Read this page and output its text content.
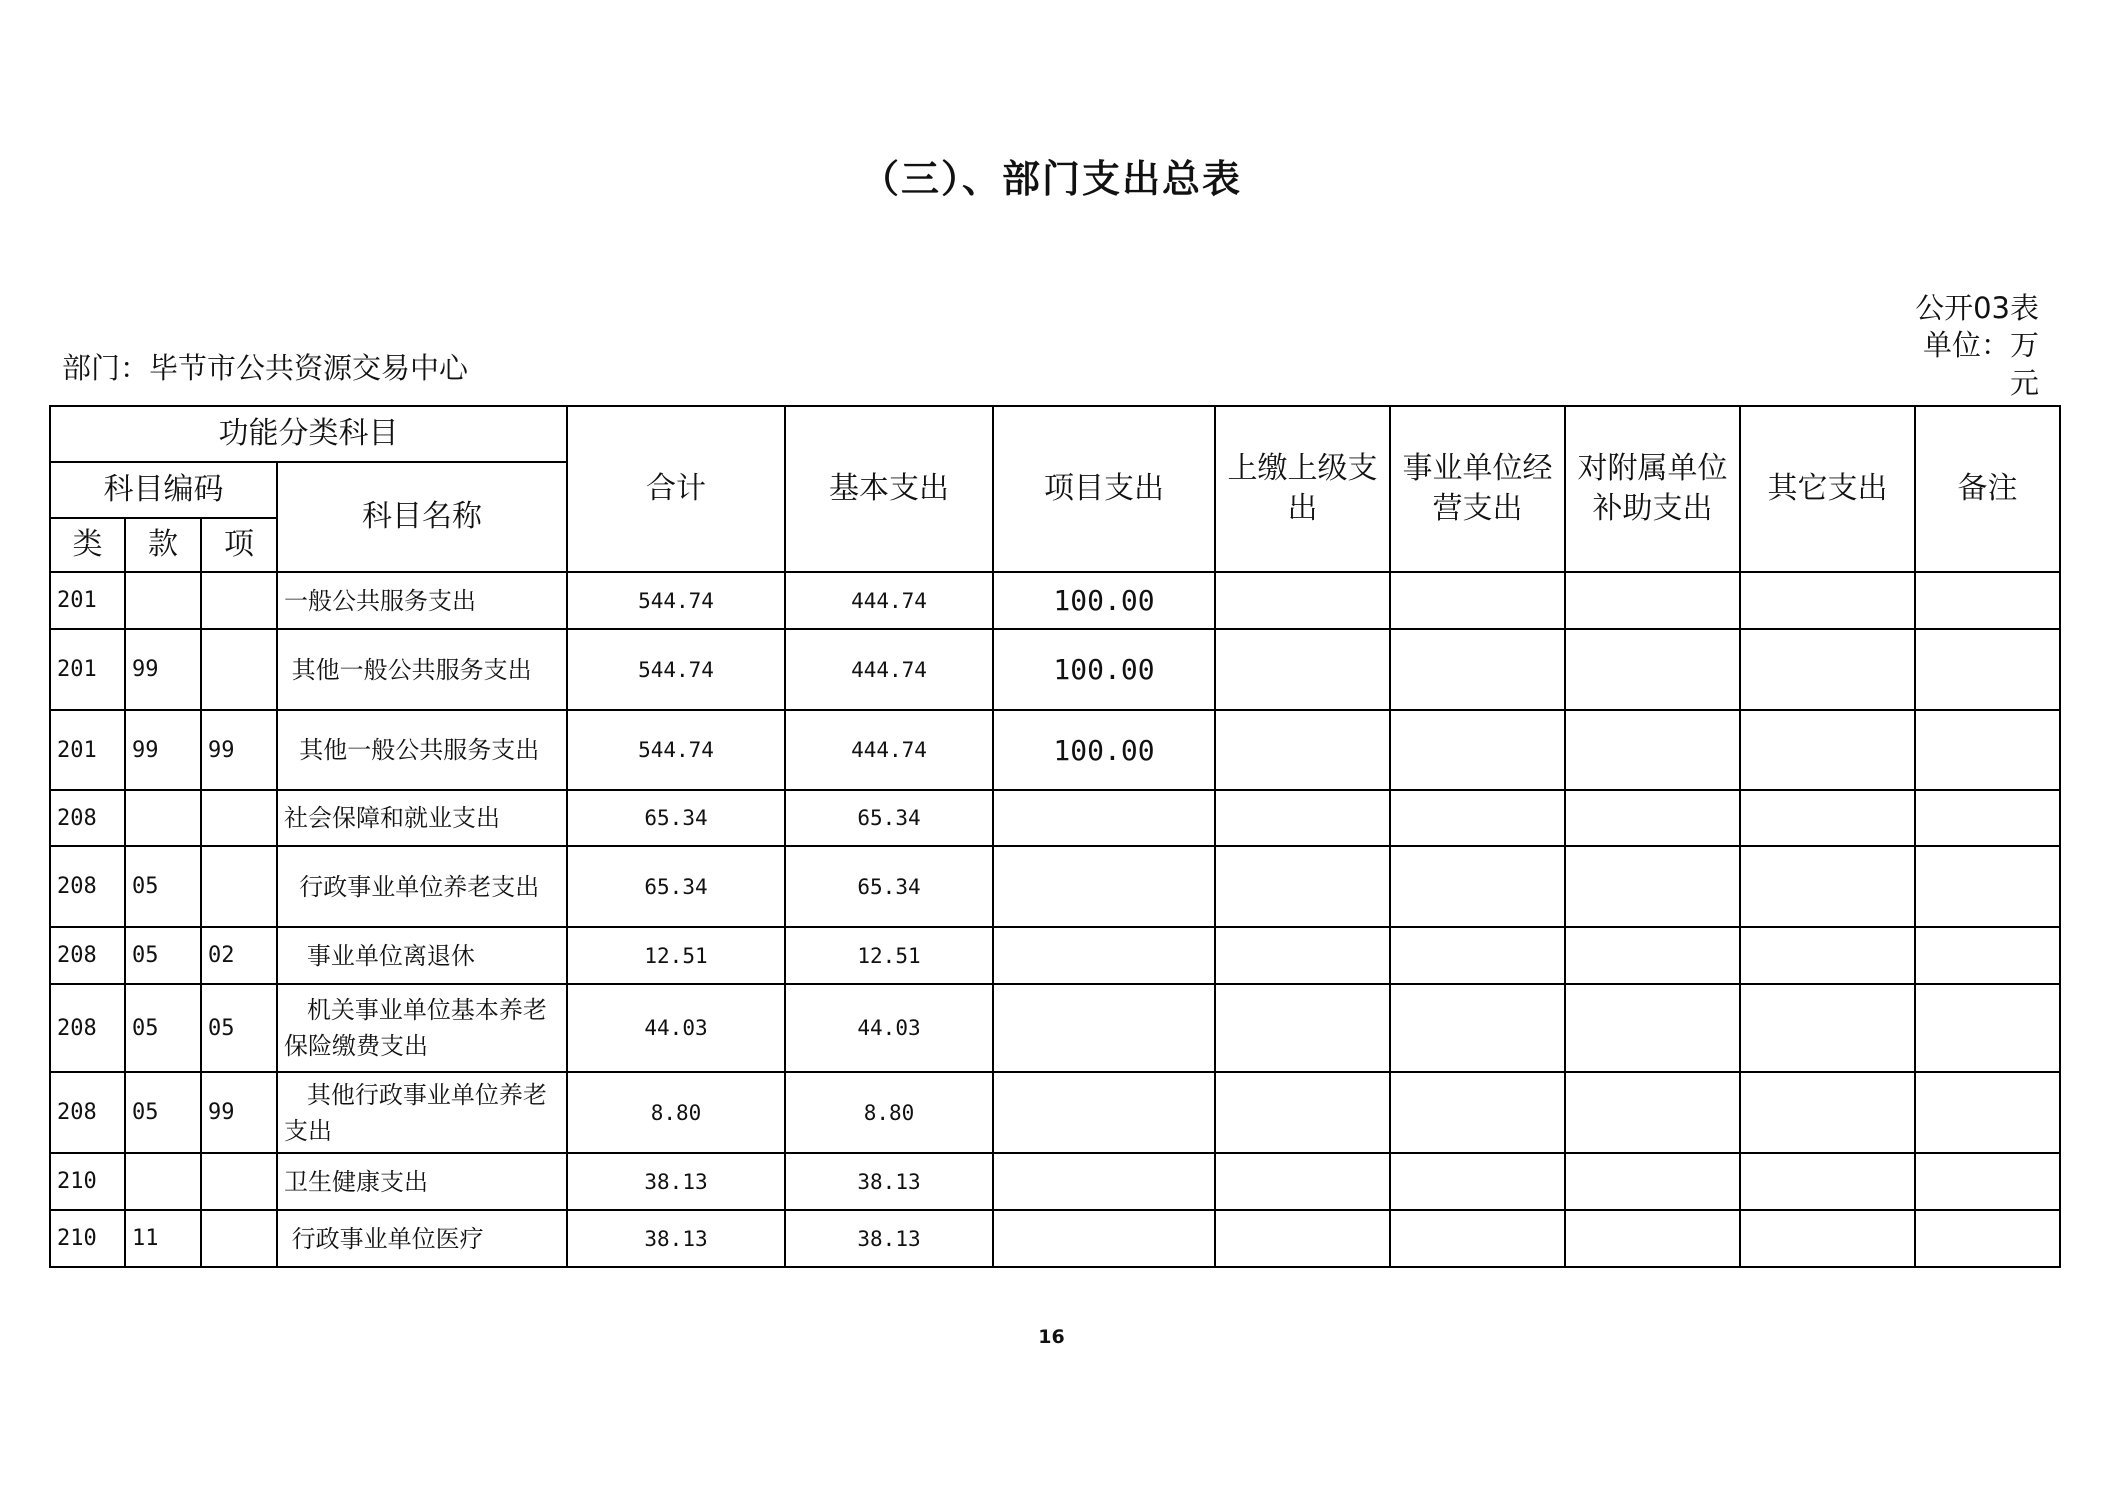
（三）、部门支出总表
部门：毕节市公共资源交易中心
公开03表
单位：万元
功能分类科目				合计	基本支出	项目支出	上缴上级支出	事业单位经营支出	对附属单位补助支出	其它支出	备注
科目编码			科目名称								
类	款	项									
201			一般公共服务支出	544.74	444.74	100.00					
201	99		其他一般公共服务支出	544.74	444.74	100.00					
201	99	99	其他一般公共服务支出	544.74	444.74	100.00					
208			社会保障和就业支出	65.34	65.34						
208	05		行政事业单位养老支出	65.34	65.34						
208	05	02	事业单位离退休	12.51	12.51						
208	05	05	机关事业单位基本养老保险缴费支出	44.03	44.03						
208	05	99	其他行政事业单位养老支出	8.80	8.80						
210			卫生健康支出	38.13	38.13						
210	11		行政事业单位医疗	38.13	38.13						
16
